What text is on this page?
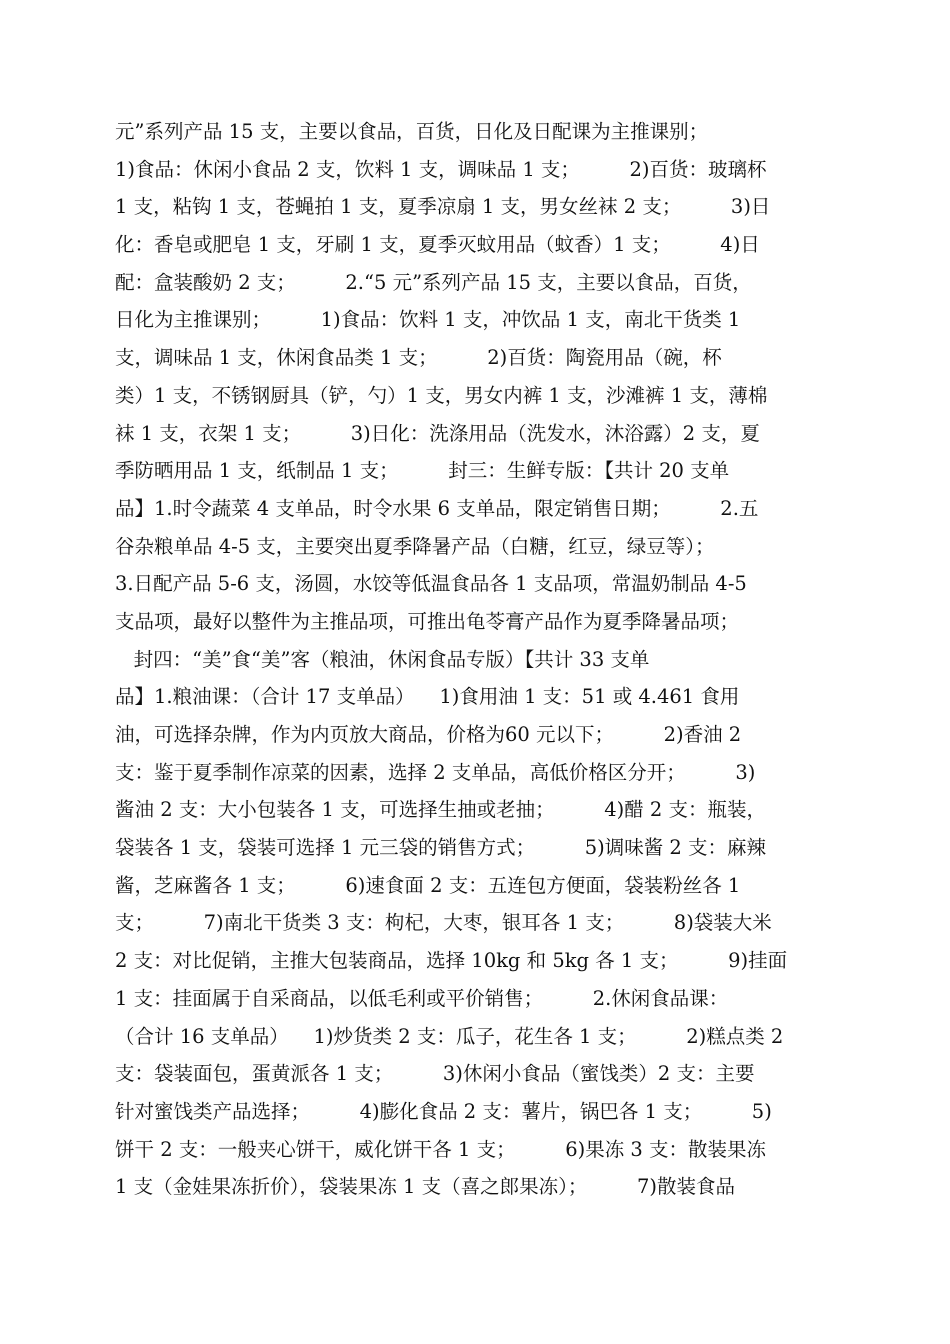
元”系列产品 15 支，主要以食品，百货，日化及日配课为主推课别；
1)食品：休闲小食品 2 支，饮料 1 支，调味品 1 支；        2)百货：玻璃杯
1 支，粘钩 1 支，苍蝇拍 1 支，夏季凉扇 1 支，男女丝袜 2 支；        3)日
化：香皂或肥皂 1 支，牙刷 1 支，夏季灭蚊用品（蚊香）1 支；        4)日
配：盒装酸奶 2 支；        2.“5 元”系列产品 15 支，主要以食品，百货，
日化为主推课别；        1)食品：饮料 1 支，冲饮品 1 支，南北干货类 1
支，调味品 1 支，休闲食品类 1 支；        2)百货：陶瓷用品（碗，杯
类）1 支，不锈钢厨具（铲，勺）1 支，男女内裤 1 支，沙滩裤 1 支，薄棉
袜 1 支，衣架 1 支；        3)日化：洗涤用品（洗发水，沐浴露）2 支，夏
季防晒用品 1 支，纸制品 1 支；        封三：生鲜专版：【共计 20 支单
品】1.时令蔬菜 4 支单品，时令水果 6 支单品，限定销售日期；        2.五
谷杂粮单品 4-5 支，主要突出夏季降暑产品（白糖，红豆，绿豆等）；
3.日配产品 5-6 支，汤圆，水饺等低温食品各 1 支品项，常温奶制品 4-5
支品项，最好以整件为主推品项，可推出龟苓膏产品作为夏季降暑品项；
封四：“美”食“美”客（粮油，休闲食品专版）【共计 33 支单
品】1.粮油课：（合计 17 支单品）    1)食用油 1 支：51 或 4.461 食用
油，可选择杂牌，作为内页放大商品，价格为60 元以下；        2)香油 2
支：鉴于夏季制作凉菜的因素，选择 2 支单品，高低价格区分开；        3)
酱油 2 支：大小包装各 1 支，可选择生抽或老抽；        4)醋 2 支：瓶装，
袋装各 1 支，袋装可选择 1 元三袋的销售方式；        5)调味酱 2 支：麻辣
酱，芝麻酱各 1 支；        6)速食面 2 支：五连包方便面，袋装粉丝各 1
支；        7)南北干货类 3 支：枸杞，大枣，银耳各 1 支；        8)袋装大米
2 支：对比促销，主推大包装商品，选择 10kg 和 5kg 各 1 支；        9)挂面
1 支：挂面属于自采商品，以低毛利或平价销售；        2.休闲食品课：
（合计 16 支单品）    1)炒货类 2 支：瓜子，花生各 1 支；        2)糕点类 2
支：袋装面包，蛋黄派各 1 支；        3)休闲小食品（蜜饯类）2 支：主要
针对蜜饯类产品选择；        4)膨化食品 2 支：薯片，锅巴各 1 支；        5)
饼干 2 支：一般夹心饼干，威化饼干各 1 支；        6)果冻 3 支：散装果冻
1 支（金娃果冻折价），袋装果冻 1 支（喜之郎果冻）；        7)散装食品
